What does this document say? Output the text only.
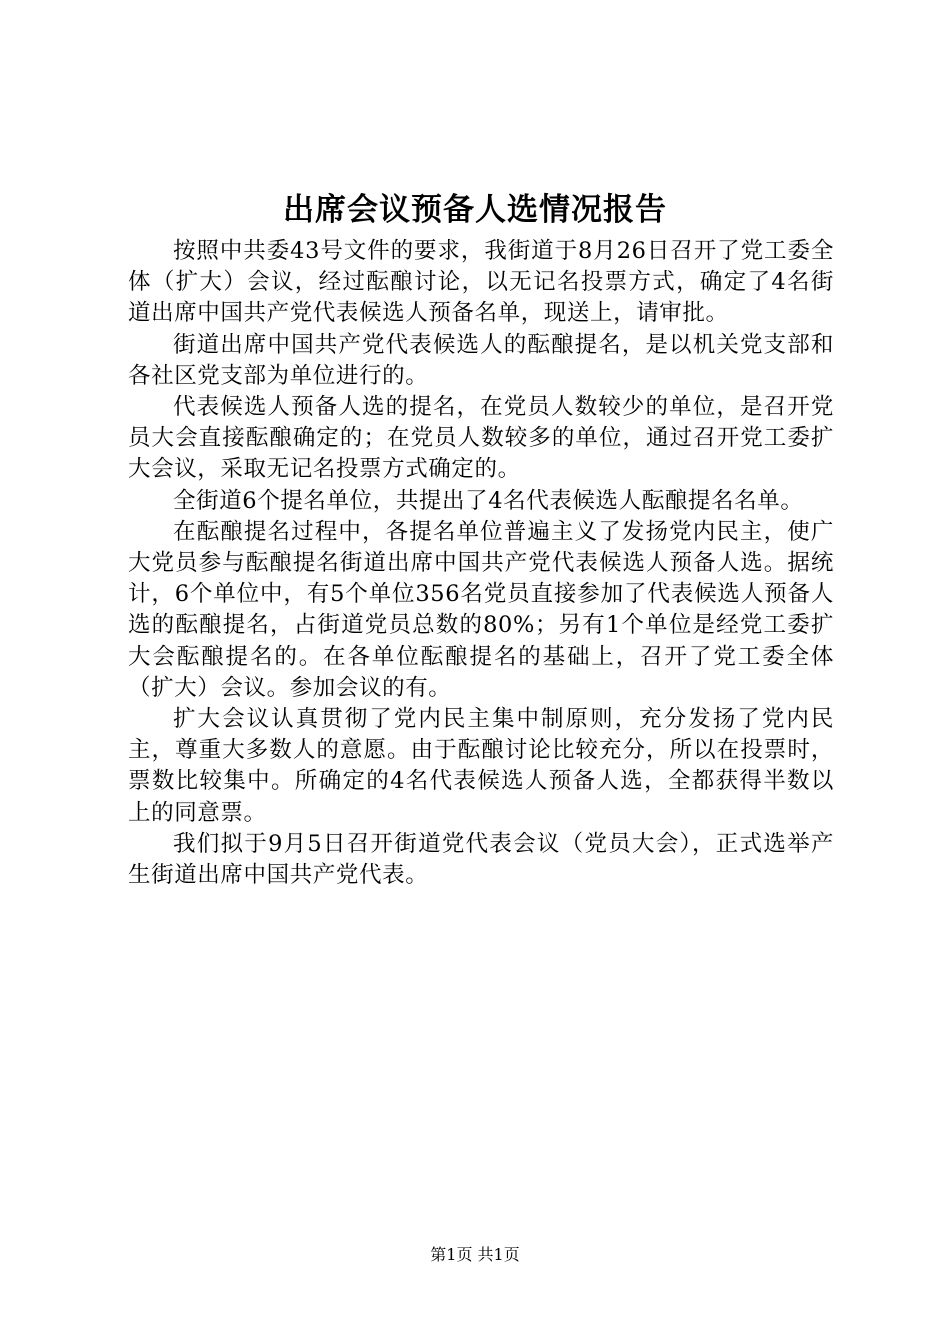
出席会议预备人选情况报告

按照中共委43号文件的要求，我街道于8月26日召开了党工委全体（扩大）会议，经过酝酿讨论，以无记名投票方式，确定了4名街道出席中国共产党代表候选人预备名单，现送上，请审批。

街道出席中国共产党代表候选人的酝酿提名，是以机关党支部和各社区党支部为单位进行的。

代表候选人预备人选的提名，在党员人数较少的单位，是召开党员大会直接酝酿确定的；在党员人数较多的单位，通过召开党工委扩大会议，采取无记名投票方式确定的。

全街道6个提名单位，共提出了4名代表候选人酝酿提名名单。

在酝酿提名过程中，各提名单位普遍主义了发扬党内民主，使广大党员参与酝酿提名街道出席中国共产党代表候选人预备人选。据统计，6个单位中，有5个单位356名党员直接参加了代表候选人预备人选的酝酿提名，占街道党员总数的80%；另有1个单位是经党工委扩大会酝酿提名的。在各单位酝酿提名的基础上，召开了党工委全体（扩大）会议。参加会议的有。

扩大会议认真贯彻了党内民主集中制原则，充分发扬了党内民主，尊重大多数人的意愿。由于酝酿讨论比较充分，所以在投票时，票数比较集中。所确定的4名代表候选人预备人选，全都获得半数以上的同意票。

我们拟于9月5日召开街道党代表会议（党员大会），正式选举产生街道出席中国共产党代表。

第1页 共1页
